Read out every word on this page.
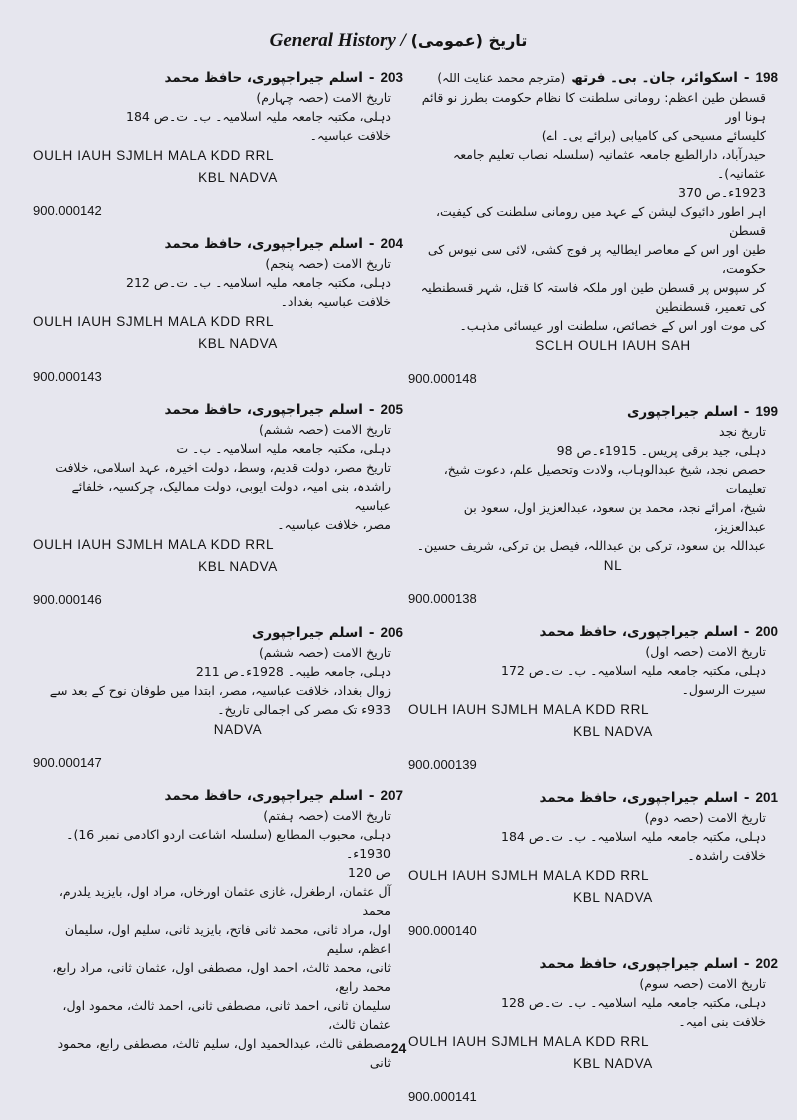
General History / تاریخ (عمومی)
198
-
اسکوائر، جان۔ بی۔ فرتھ
(مترجم محمد عنایت اللہ)
قسطن طین اعظم: رومانی سلطنت کا نظام حکومت بطرز نو قائم ہونا اور
کلیسائے مسیحی کی کامیابی (برائے بی۔ اے)
حیدرآباد، دارالطبع جامعہ عثمانیہ (سلسلہ نصاب تعلیم جامعہ عثمانیہ)۔
1923ء۔ص 370
اہر اطور دائیوک لیشن کے عہد میں رومانی سلطنت کی کیفیت، قسطن
طین اور اس کے معاصر ایطالیہ پر فوج کشی، لائی سی نیوس کی حکومت،
کر سپوس پر قسطن طین اور ملکہ فاستہ کا قتل، شہر قسطنطیہ کی تعمیر، قسطنطین
کی موت اور اس کے خصائص، سلطنت اور عیسائی مذہب۔
SCLH OULH IAUH SAH
900.000148
199
-
اسلم جیراجپوری
تاریخ نجد
دہلی، جید برقی پریس۔ 1915ء۔ص 98
حصص نجد، شیخ عبدالوہاب، ولادت وتحصیل علم، دعوت شیخ، تعلیمات
شیخ، امرائے نجد، محمد بن سعود، عبدالعزیز اول، سعود بن عبدالعزیز،
عبداللہ بن سعود، ترکی بن عبداللہ، فیصل بن ترکی، شریف حسین۔
NL
900.000138
200
-
اسلم جیراجپوری، حافظ محمد
تاریخ الامت (حصہ اول)
دہلی، مکتبہ جامعہ ملیہ اسلامیہ۔ ب۔ ت۔ص 172
سیرت الرسول۔
OULH IAUH SJMLH MALA KDD RRL
KBL NADVA
900.000139
201
-
اسلم جیراجپوری، حافظ محمد
تاریخ الامت (حصہ دوم)
دہلی، مکتبہ جامعہ ملیہ اسلامیہ۔ ب۔ ت۔ص 184
خلافت راشدہ۔
OULH IAUH SJMLH MALA KDD RRL
KBL NADVA
900.000140
202
-
اسلم جیراجپوری، حافظ محمد
تاریخ الامت (حصہ سوم)
دہلی، مکتبہ جامعہ ملیہ اسلامیہ۔ ب۔ ت۔ص 128
خلافت بنی امیہ۔
OULH IAUH SJMLH MALA KDD RRL
KBL NADVA
900.000141
203
-
اسلم جیراجپوری، حافظ محمد
تاریخ الامت (حصہ چہارم)
دہلی، مکتبہ جامعہ ملیہ اسلامیہ۔ ب۔ ت۔ص 184
خلافت عباسیہ۔
OULH IAUH SJMLH MALA KDD RRL
KBL NADVA
900.000142
204
-
اسلم جیراجپوری، حافظ محمد
تاریخ الامت (حصہ پنجم)
دہلی، مکتبہ جامعہ ملیہ اسلامیہ۔ ب۔ ت۔ص 212
خلافت عباسیہ بغداد۔
OULH IAUH SJMLH MALA KDD RRL
KBL NADVA
900.000143
205
-
اسلم جیراجپوری، حافظ محمد
تاریخ الامت (حصہ ششم)
دہلی، مکتبہ جامعہ ملیہ اسلامیہ۔ ب۔ ت
تاریخ مصر، دولت قدیم، وسط، دولت اخیرہ، عہد اسلامی، خلافت
راشدہ، بنی امیہ، دولت ایوبی، دولت ممالیک، چرکسیہ، خلفائے عباسیہ
مصر، خلافت عباسیہ۔
OULH IAUH SJMLH MALA KDD RRL
KBL NADVA
900.000146
206
-
اسلم جیراجپوری
تاریخ الامت (حصہ ششم)
دہلی، جامعہ طیبہ۔ 1928ء۔ص 211
زوال بغداد، خلافت عباسیہ، مصر، ابتدا میں طوفان نوح کے بعد سے
933ء تک مصر کی اجمالی تاریخ۔
NADVA
900.000147
207
-
اسلم جیراجپوری، حافظ محمد
تاریخ الامت (حصہ ہفتم)
دہلی، محبوب المطابع (سلسلہ اشاعت اردو اکادمی نمبر 16)۔ 1930ء۔
ص 120
آل عثمان، ارطغرل، غازی عثمان اورخاں، مراد اول، بایزید یلدرم، محمد
اول، مراد ثانی، محمد ثانی فاتح، بایزید ثانی، سلیم اول، سلیمان اعظم، سلیم
ثانی، محمد ثالث، احمد اول، مصطفی اول، عثمان ثانی، مراد رابع، محمد رابع،
سلیمان ثانی، احمد ثانی، مصطفی ثانی، احمد ثالث، محمود اول، عثمان ثالث،
مصطفی ثالث، عبدالحمید اول، سلیم ثالث، مصطفی رابع، محمود ثانی
24
